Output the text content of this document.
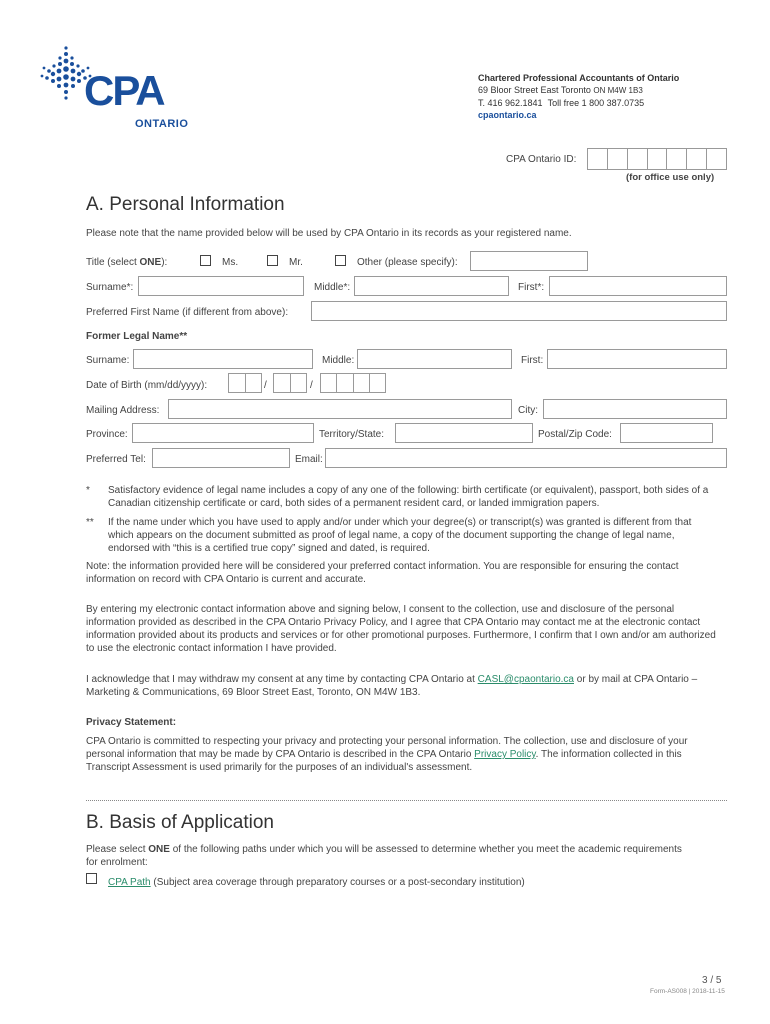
CPA
ONTARIO
Chartered Professional Accountants of Ontario
69 Bloor Street East Toronto ON M4W 1B3
T. 416 962.1841 Toll free 1 800 387.0735
cpaontario.ca
CPA Ontario ID:
(for office use only)
A. Personal Information
Please note that the name provided below will be used by CPA Ontario in its records as your registered name.
Title (select ONE):	Ms.	Mr.	Other (please specify):
Surname*:	Middle*:	First*:
Preferred First Name (if different from above):
Former Legal Name**
Surname:	Middle:	First:
Date of Birth (mm/dd/yyyy):	/	/
Mailing Address:	City:
Province:	Territory/State:	Postal/Zip Code:
Preferred Tel:	Email:
* Satisfactory evidence of legal name includes a copy of any one of the following: birth certificate (or equivalent), passport, both sides of a Canadian citizenship certificate or card, both sides of a permanent resident card, or landed immigration papers.
** If the name under which you have used to apply and/or under which your degree(s) or transcript(s) was granted is different from that which appears on the document submitted as proof of legal name, a copy of the document supporting the change of legal name, endorsed with “this is a certified true copy” signed and dated, is required.
Note: the information provided here will be considered your preferred contact information. You are responsible for ensuring the contact information on record with CPA Ontario is current and accurate.
By entering my electronic contact information above and signing below, I consent to the collection, use and disclosure of the personal information provided as described in the CPA Ontario Privacy Policy, and I agree that CPA Ontario may contact me at the electronic contact information provided about its products and services or for other promotional purposes. Furthermore, I confirm that I own and/or am authorized to use the electronic contact information I have provided.
I acknowledge that I may withdraw my consent at any time by contacting CPA Ontario at CASL@cpaontario.ca or by mail at CPA Ontario – Marketing & Communications, 69 Bloor Street East, Toronto, ON M4W 1B3.
Privacy Statement:
CPA Ontario is committed to respecting your privacy and protecting your personal information. The collection, use and disclosure of your personal information that may be made by CPA Ontario is described in the CPA Ontario Privacy Policy. The information collected in this Transcript Assessment is used primarily for the purposes of an individual's assessment.
B. Basis of Application
Please select ONE of the following paths under which you will be assessed to determine whether you meet the academic requirements for enrolment:
CPA Path (Subject area coverage through preparatory courses or a post-secondary institution)
3 / 5
Form-AS008 | 2018-11-15
